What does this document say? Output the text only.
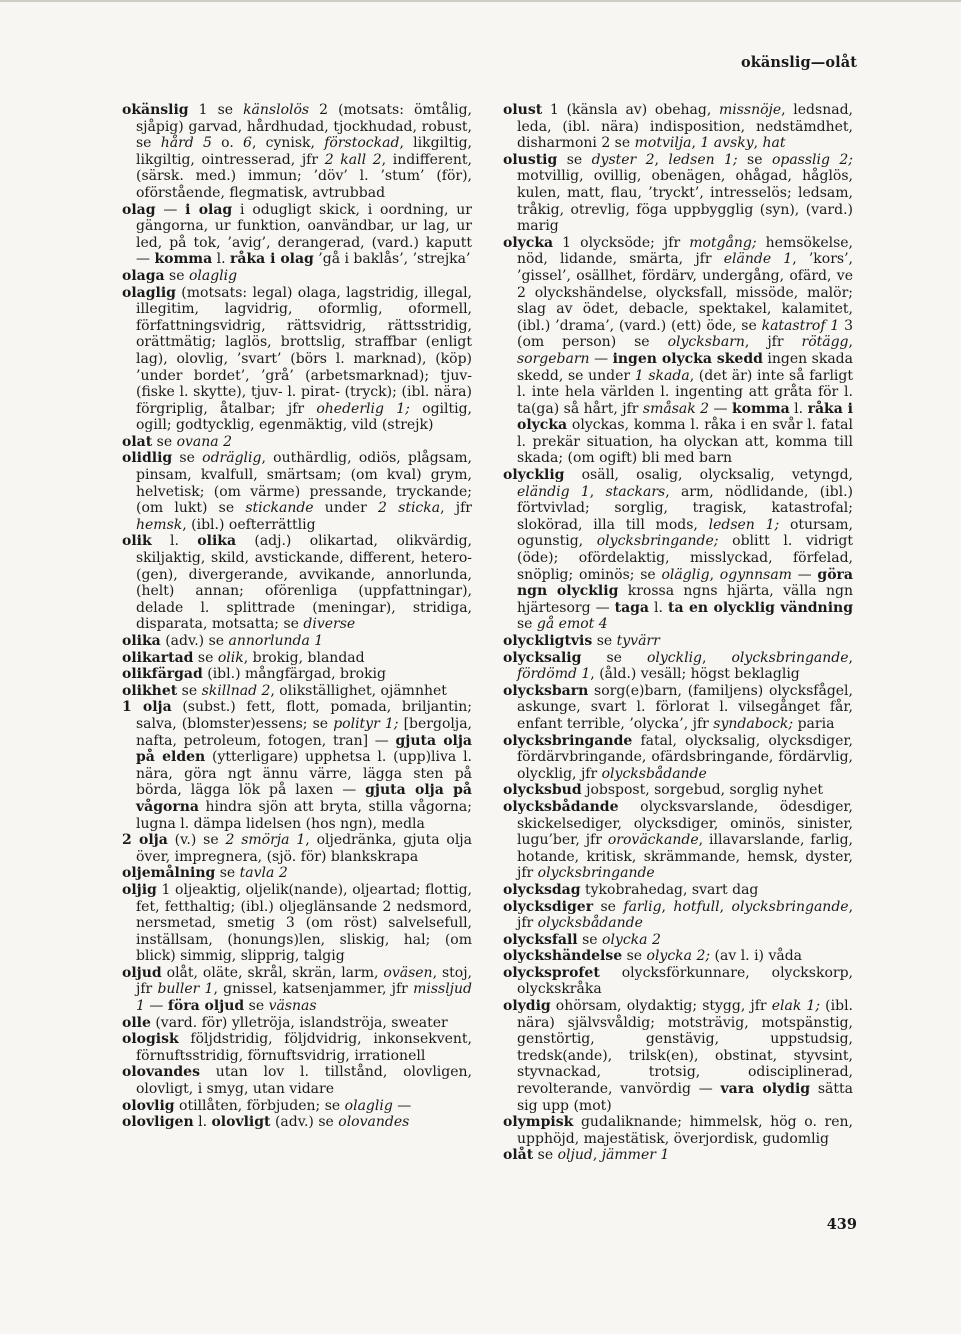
okänslig—olåt

okänslig 1 se känslolös 2 (motsats: ömtålig, sjåpig) garvad, hårdhudad, tjockhudad, robust, se hård 5 o. 6, cynisk, förstockad, likgiltig, likgiltig, ointresserad, jfr 2 kall 2, indifferent, (särsk. med.) immun; ’döv’ l. ’stum’ (för), oförstående, flegmatisk, avtrubbad

olag — i olag i odugligt skick, i oordning, ur gängorna, ur funktion, oanvändbar, ur lag, ur led, på tok, ’avig’, derangerad, (vard.) kaputt — komma l. råka i olag ’gå i baklås’, ’strejka’

olaga se olaglig

olaglig (motsats: legal) olaga, lagstridig, illegal, illegitim, lagvidrig, oformlig, oformell, författningsvidrig, rättsvidrig, rättsstridig, orättmätig; laglös, brottslig, straffbar (enligt lag), olovlig, ’svart’ (börs l. marknad), (köp) ’under bordet’, ’grå’ (arbetsmarknad); tjuv- (fiske l. skytte), tjuv- l. pirat- (tryck); (ibl. nära) förgriplig, åtalbar; jfr ohederlig 1; ogiltig, ogill; godtycklig, egenmäktig, vild (strejk)

olat se ovana 2

olidlig se odräglig, outhärdlig, odiös, plågsam, pinsam, kvalfull, smärtsam; (om kval) grym, helvetisk; (om värme) pressande, tryckande; (om lukt) se stickande under 2 sticka, jfr hemsk, (ibl.) oefterrättlig

olik l. olika (adj.) olikartad, olikvärdig, skiljaktig, skild, avstickande, different, hetero-(gen), divergerande, avvikande, annorlunda, (helt) annan; oförenliga (uppfattningar), delade l. splittrade (meningar), stridiga, disparata, motsatta; se diverse

olika (adv.) se annorlunda 1

olikartad se olik, brokig, blandad

olikfärgad (ibl.) mångfärgad, brokig

olikhet se skillnad 2, olikställighet, ojämnhet

1 olja (subst.) fett, flott, pomada, briljantin; salva, (blomster)essens; se polityr 1; [bergolja, nafta, petroleum, fotogen, tran] — gjuta olja på elden (ytterligare) upphetsa l. (upp)liva l. nära, göra ngt ännu värre, lägga sten på börda, lägga lök på laxen — gjuta olja på vågorna hindra sjön att bryta, stilla vågorna; lugna l. dämpa lidelsen (hos ngn), medla

2 olja (v.) se 2 smörja 1, oljedränka, gjuta olja över, impregnera, (sjö. för) blankskrapa

oljemålning se tavla 2

oljig 1 oljeaktig, oljelik(nande), oljeartad; flottig, fet, fetthaltig; (ibl.) oljeglänsande 2 nedsmord, nersmetad, smetig 3 (om röst) salvelsefull, inställsam, (honungs)len, sliskig, hal; (om blick) simmig, slipprig, talgig

oljud olåt, oläte, skrål, skrän, larm, oväsen, stoj, jfr buller 1, gnissel, katsenjammer, jfr misslјud 1 — föra oljud se väsnas

olle (vard. för) ylletröja, islandströja, sweater

ologisk följdstridig, följdvidrig, inkonsekvent, förnuftsstridig, förnuftsvidrig, irrationell

olovandes utan lov l. tillstånd, olovligen, olovligt, i smyg, utan vidare

olovlig otillåten, förbjuden; se olaglig —

olovligen l. olovligt (adv.) se olovandes

olust 1 (känsla av) obehag, missnöje, ledsnad, leda, (ibl. nära) indisposition, nedstämdhet, disharmoni 2 se motvilja, 1 avsky, hat

olustig se dyster 2, ledsen 1; se opasslig 2; motvillig, ovillig, obenägen, ohågad, håglös, kulen, matt, flau, ’tryckt’, intresselös; ledsam, tråkig, otrevlig, föga uppbygglig (syn), (vard.) marig

olycka 1 olycksöde; jfr motgång; hemsökelse, nöd, lidande, smärta, jfr elände 1, ’kors’, ’gissel’, osällhet, fördärv, undergång, ofärd, ve 2 olyckshändelse, olycksfall, missöde, malör; slag av ödet, debacle, spektakel, kalamitet, (ibl.) ’drama’, (vard.) (ett) öde, se katastrof 1 3 (om person) se olycksbarn, jfr rötägg, sorgebarn — ingen olycka skedd ingen skada skedd, se under 1 skada, (det är) inte så farligt l. inte hela världen l. ingenting att gråta för l. ta(ga) så hårt, jfr småsak 2 — komma l. råka i olycka olyckas, komma l. råka i en svår l. fatal l. prekär situation, ha olyckan att, komma till skada; (om ogift) bli med barn

olycklig osäll, osalig, olycksalig, vetyngd, eländig 1, stackars, arm, nödlidande, (ibl.) förtvivlad; sorglig, tragisk, katastrofal; slokörad, illa till mods, ledsen 1; otursam, ogunstig, olycksbringande; oblitt l. vidrigt (öde); ofördelaktig, misslyckad, förfelad, snöplig; ominös; se oläglig, ogynnsam — göra ngn olycklig krossa ngns hjärta, välla ngn hjärtesorg — taga l. ta en olycklig vändning se gå emot 4

olyckligtvis se tyvärr

olycksalig se olycklig, olycksbringande, fördömd 1, (åld.) vesäll; högst beklaglig

olycksbarn sorg(e)barn, (familjens) olycksfågel, askunge, svart l. förlorat l. vilsegånget får, enfant terrible, ’olycka’, jfr syndabock; paria

olycksbringande fatal, olycksalig, olycksdiger, fördärvbringande, ofärdsbringande, fördärvlig, olycklig, jfr olycksbådande

olycksbud jobspost, sorgebud, sorglig nyhet

olycksbådande olycksvarslande, ödesdiger, skickelsediger, olycksdiger, ominös, sinister, lugu’ber, jfr oroväckande, illavarslande, farlig, hotande, kritisk, skrämmande, hemsk, dyster, jfr olycksbringande

olycksdag tykobrahedag, svart dag

olycksdiger se farlig, hotfull, olycksbringande, jfr olycksbådande

olycksfall se olycka 2

olyckshändelse se olycka 2; (av l. i) våda

olycksprofet olycksförkunnare, olyckskorp, olyckskråka

olydig ohörsam, olydaktig; stygg, jfr elak 1; (ibl. nära) självsvåldig; motsträvig, motspänstig, genstörtig, genstävig, uppstudsig, tredsk(ande), trilsk(en), obstinat, styvsint, styvnackad, trotsig, odisciplinerad, revolterande, vanvördig — vara olydig sätta sig upp (mot)

olympisk gudaliknande; himmelsk, hög o. ren, upphöjd, majestätisk, överjordisk, gudomlig

olåt se oljud, jämmer 1

439
